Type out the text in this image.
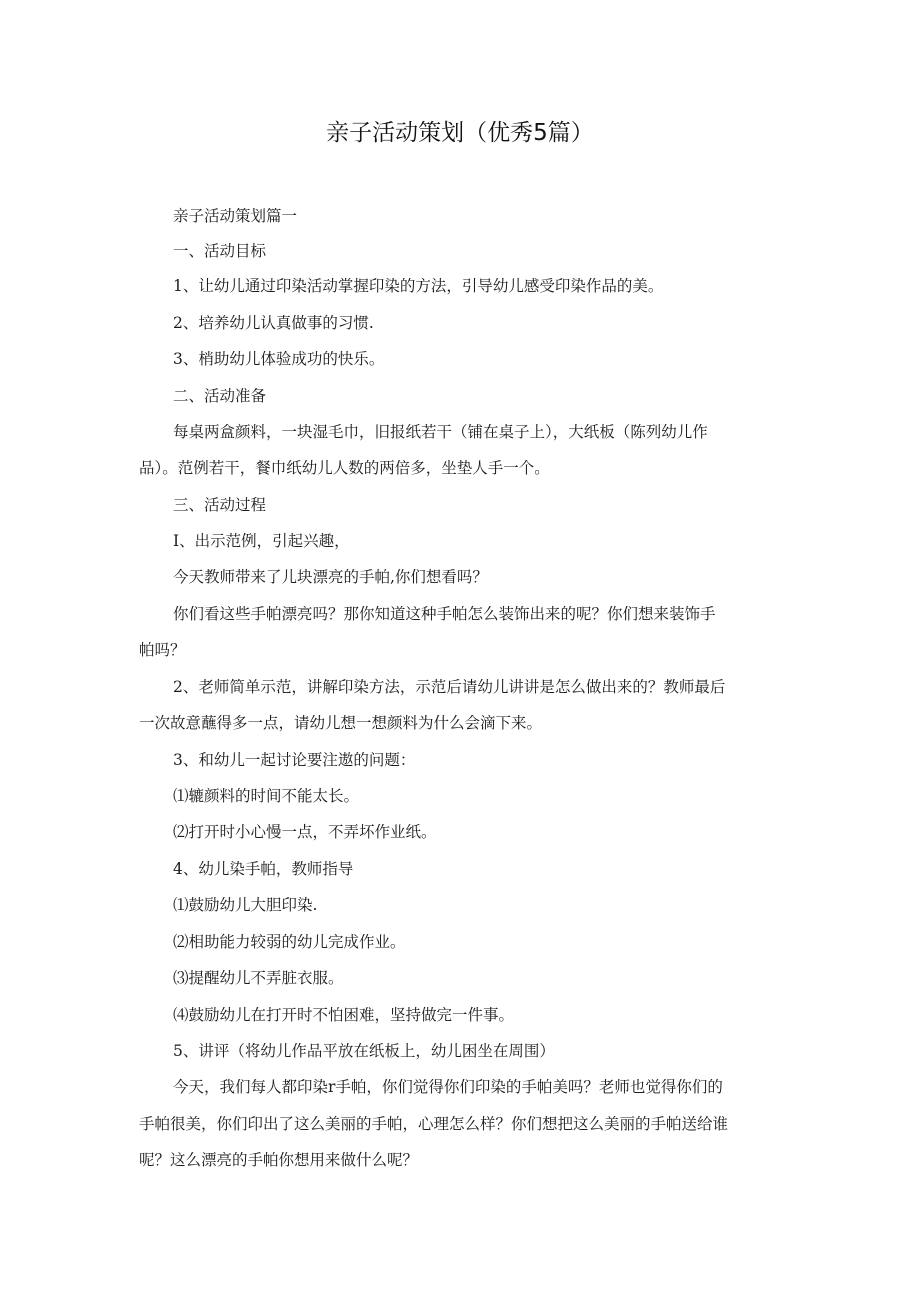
亲子活动策划（优秀5篇）
亲子活动策划篇一
一、活动目标
1、让幼儿通过印染活动掌握印染的方法，引导幼儿感受印染作品的美。
2、培养幼儿认真做事的习惯.
3、梢助幼儿体验成功的快乐。
二、活动准备
每桌两盒颜料，一块湿毛巾，旧报纸若干（铺在桌子上），大纸板（陈列幼儿作
品）。范例若干，餐巾纸幼儿人数的两倍多，坐垫人手一个。
三、活动过程
I、出示范例，引起兴趣，
今天教师带来了儿块漂亮的手帕,你们想看吗？
你们看这些手帕漂亮吗？那你知道这种手帕怎么装饰出来的呢？你们想来装饰手
帕吗？
2、老师简单示范，讲解印染方法，示范后请幼儿讲讲是怎么做出来的？教师最后
一次故意蘸得多一点，请幼儿想一想颜料为什么会滴下来。
3、和幼儿一起讨论要注遨的问题：
⑴辘颜料的时间不能太长。
⑵打开时小心慢一点，不弄坏作业纸。
4、幼儿染手帕，教师指导
⑴鼓励幼儿大胆印染.
⑵相助能力较弱的幼儿完成作业。
⑶提醒幼儿不弄脏衣服。
⑷鼓励幼儿在打开时不怕困难，坚持做完一件事。
5、讲评（将幼儿作品平放在纸板上，幼儿困坐在周围）
今天，我们每人都印染r手帕，你们觉得你们印染的手帕美吗？老师也觉得你们的
手帕很美，你们印出了这么美丽的手帕，心理怎么样？你们想把这么美丽的手帕送给谁
呢？这么漂亮的手帕你想用来做什么呢？
